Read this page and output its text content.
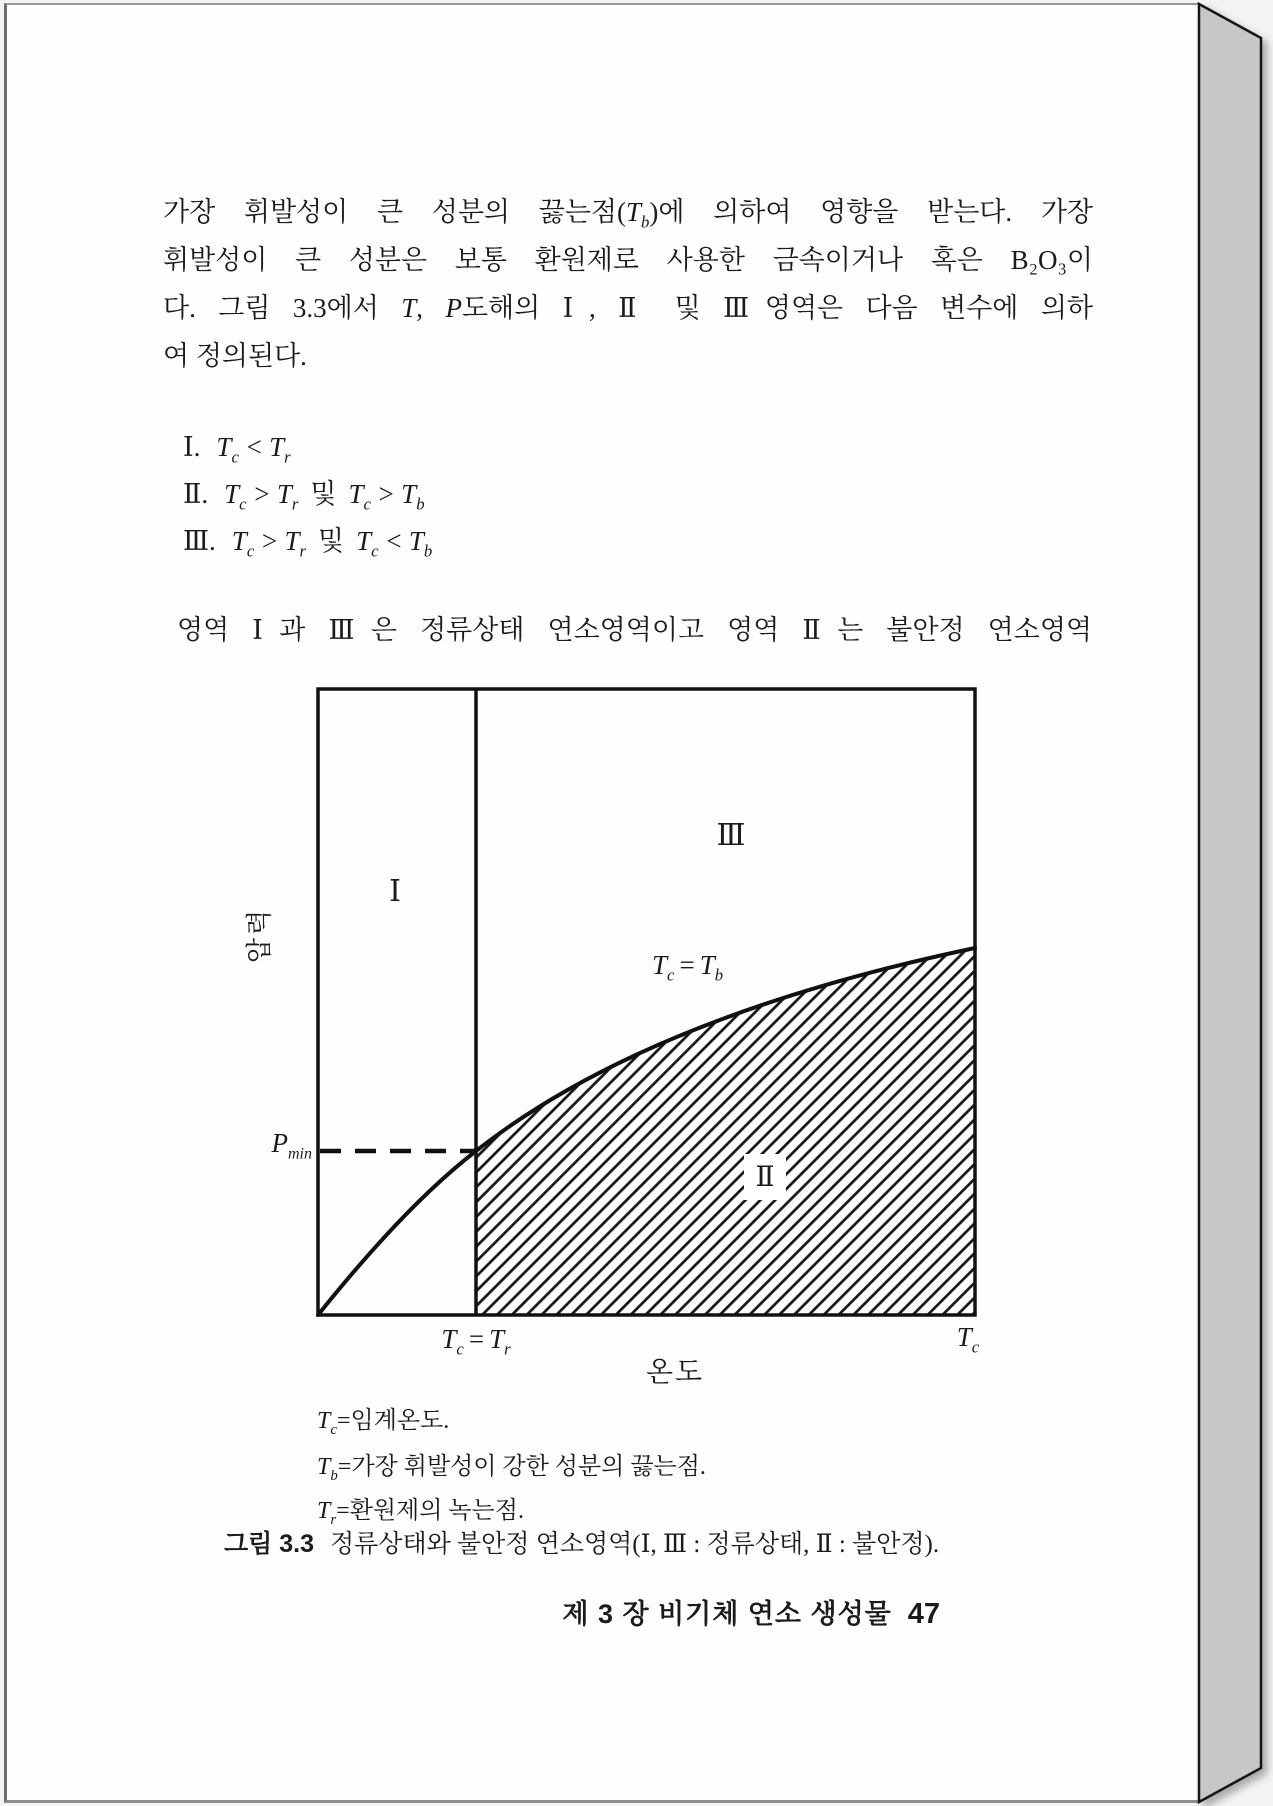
가장 휘발성이 큰 성분의 끓는점$(T_b)$에 의하여 영향을 받는다. 가장
휘발성이 큰 성분은 보통 환원제로 사용한 금속이거나 혹은 B₂O₃이
다. 그림 3.3에서 T, P도해의 Ⅰ, Ⅱ 및 Ⅲ영역은 다음 변수에 의하
여 정의된다.
Ⅰ. $T_c < T_r$
Ⅱ. $T_c > T_r$ 및 $T_c > T_b$
Ⅲ. $T_c > T_r$ 및 $T_c < T_b$
영역 Ⅰ과 Ⅲ은 정류상태 연소영역이고 영역 Ⅱ는 불안정 연소영역
압력
Ⅰ
Ⅲ
Ⅱ
$T_c = T_b$
$P_{min}$
$T_c = T_r$	$T_c$
온도
$T_c=$임계온도.
$T_b=$가장 휘발성이 강한 성분의 끓는점.
$T_r=$환원제의 녹는점.
그림 3.3 정류상태와 불안정 연소영역(Ⅰ, Ⅲ : 정류상태, Ⅱ : 불안정).
제 3 장 비기체 연소 생성물 47
